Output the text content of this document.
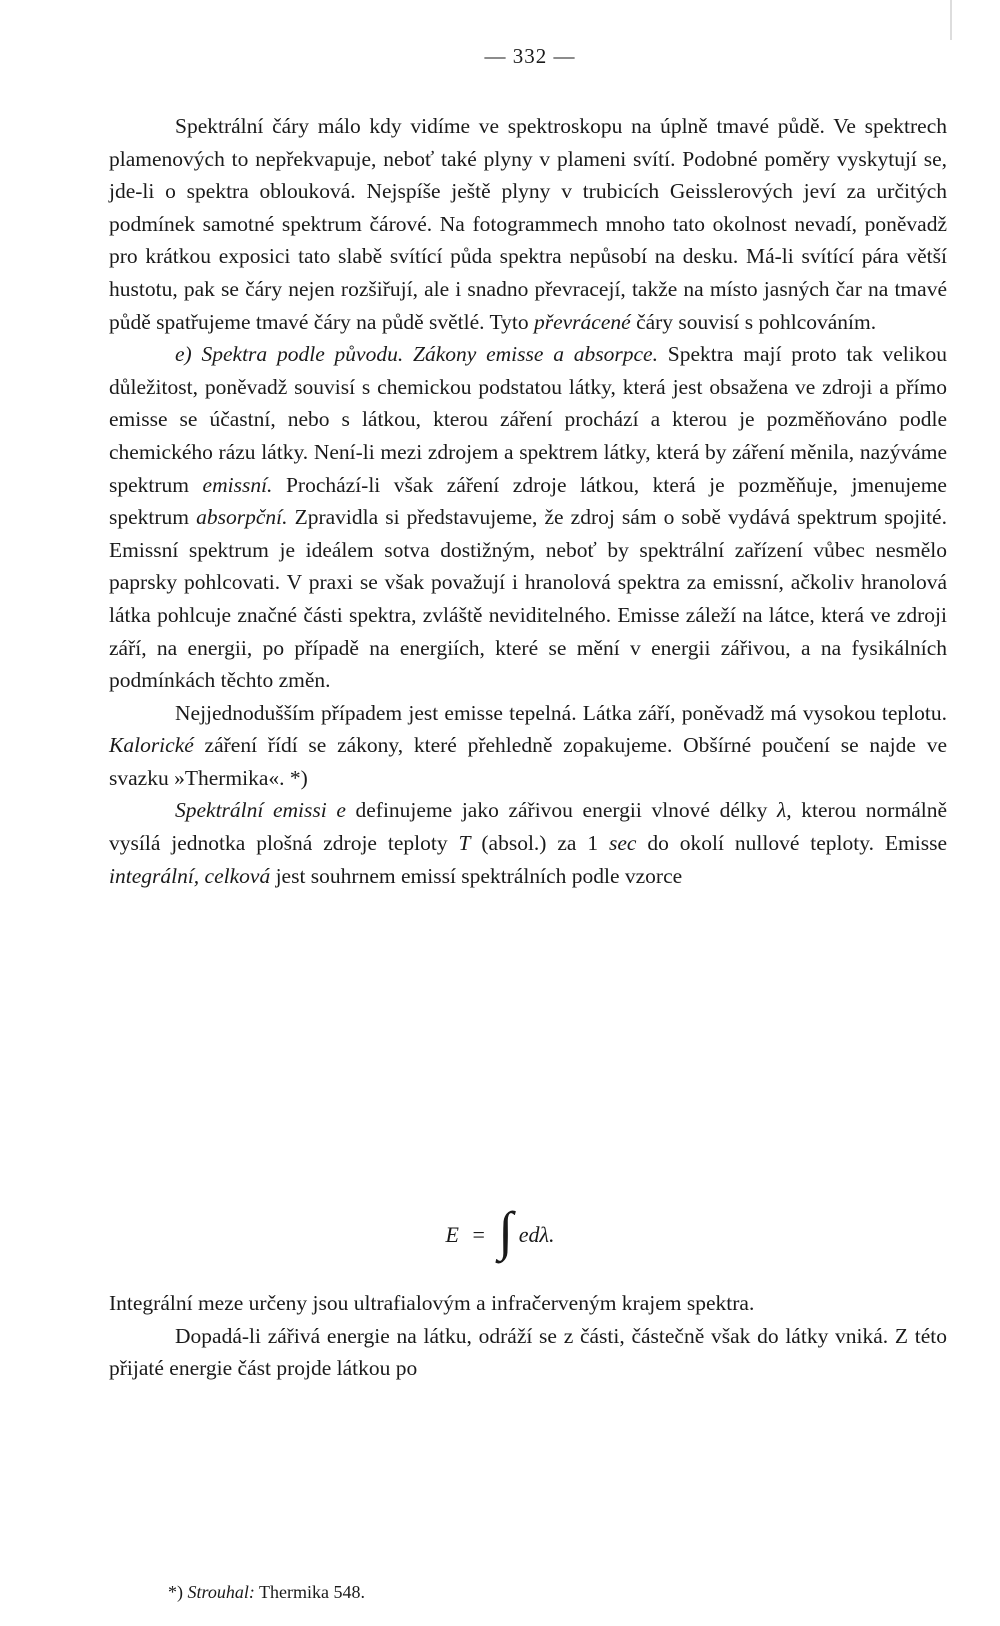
— 332 —

Spektrální čáry málo kdy vidíme ve spektroskopu na úplně tmavé půdě. Ve spektrech plamenových to nepřekvapuje, neboť také plyny v plameni svítí. Podobné poměry vyskytují se, jde-li o spektra oblouková. Nejspíše ještě plyny v trubicích Geisslerových jeví za určitých podmínek samotné spektrum čárové. Na fotogrammech mnoho tato okolnost nevadí, poněvadž pro krátkou exposici tato slabě svítící půda spektra nepůsobí na desku. Má-li svítící pára větší hustotu, pak se čáry nejen rozšiřují, ale i snadno převracejí, takže na místo jasných čar na tmavé půdě spatřujeme tmavé čáry na půdě světlé. Tyto převrácené čáry souvisí s pohlcováním.

e) Spektra podle původu. Zákony emisse a absorpce. Spektra mají proto tak velikou důležitost, poněvadž souvisí s chemickou podstatou látky, která jest obsažena ve zdroji a přímo emisse se účastní, nebo s látkou, kterou záření prochází a kterou je pozměňováno podle chemického rázu látky. Není-li mezi zdrojem a spektrem látky, která by záření měnila, nazýváme spektrum emissní. Prochází-li však záření zdroje látkou, která je pozměňuje, jmenujeme spektrum absorpční. Zpravidla si představujeme, že zdroj sám o sobě vydává spektrum spojité. Emissní spektrum je ideálem sotva dostižným, neboť by spektrální zařízení vůbec nesmělo paprsky pohlcovati. V praxi se však považují i hranolová spektra za emissní, ačkoliv hranolová látka pohlcuje značné části spektra, zvláště neviditelného. Emisse záleží na látce, která ve zdroji září, na energii, po případě na energiích, které se mění v energii zářivou, a na fysikálních podmínkách těchto změn.

Nejjednodušším případem jest emisse tepelná. Látka září, poněvadž má vysokou teplotu. Kalorické záření řídí se zákony, které přehledně zopakujeme. Obšírné poučení se najde ve svazku »Thermika«. *)

Spektrální emissi e definujeme jako zářivou energii vlnové délky λ, kterou normálně vysílá jednotka plošná zdroje teploty T (absol.) za 1 sec do okolí nullové teploty. Emisse integrální, celková jest souhrnem emissí spektrálních podle vzorce

E = ∫ edλ.

Integrální meze určeny jsou ultrafialovým a infračerveným krajem spektra.

Dopadá-li zářivá energie na látku, odráží se z části, částečně však do látky vniká. Z této přijaté energie část projde látkou po

*) Strouhal: Thermika 548.
